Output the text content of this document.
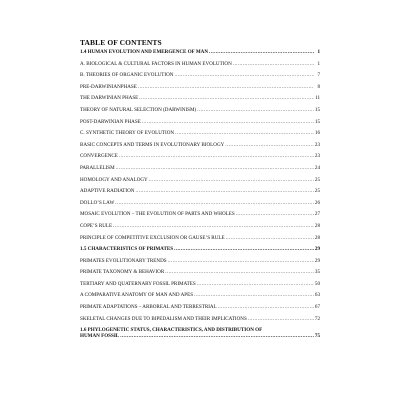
TABLE OF CONTENTS
1.4 HUMAN EVOLUTION AND EMERGENCE OF MAN .....	1
A. BIOLOGICAL & CULTURAL FACTORS IN HUMAN EVOLUTION .....	1
B. THEORIES OF ORGANIC EVOLUTION .....	7
PRE-DARWINIANPHASE .....	8
THE DARWINIAN PHASE .....	11
THEORY OF NATURAL SELECTION (DARWINISM) .....	15
POST-DARWINIAN PHASE .....	15
C. SYNTHETIC THEORY OF EVOLUTION .....	16
BASIC CONCEPTS AND TERMS IN EVOLUTIONARY BIOLOGY .....	23
CONVERGENCE .....	23
PARALLELISM .....	24
HOMOLOGY AND ANALOGY .....	25
ADAPTIVE RADIATION .....	25
DOLLO’S LAW .....	26
MOSAIC EVOLUTION – THE EVOLUTION OF PARTS AND WHOLES .....	27
COPE’S RULE .....	28
PRINCIPLE OF COMPETITIVE EXCLUSION OR GAUSE’S RULE .....	28
1.5 CHARACTERISTICS OF PRIMATES .....	29
PRIMATES EVOLUTIONARY TRENDS .....	29
PRIMATE TAXONOMY & BEHAVIOR .....	35
TERTIARY AND QUATERNARY FOSSIL PRIMATES .....	50
A COMPARATIVE ANATOMY OF MAN AND APES .....	63
PRIMATE ADAPTATIONS – ARBOREAL AND TERRESTRIAL .....	67
SKELETAL CHANGES DUE TO BIPEDALISM AND THEIR IMPLICATIONS .....	72
1.6 PHYLOGENETIC STATUS, CHARACTERISTICS, AND DISTRIBUTION OF
HUMAN FOSSIL .....	75
